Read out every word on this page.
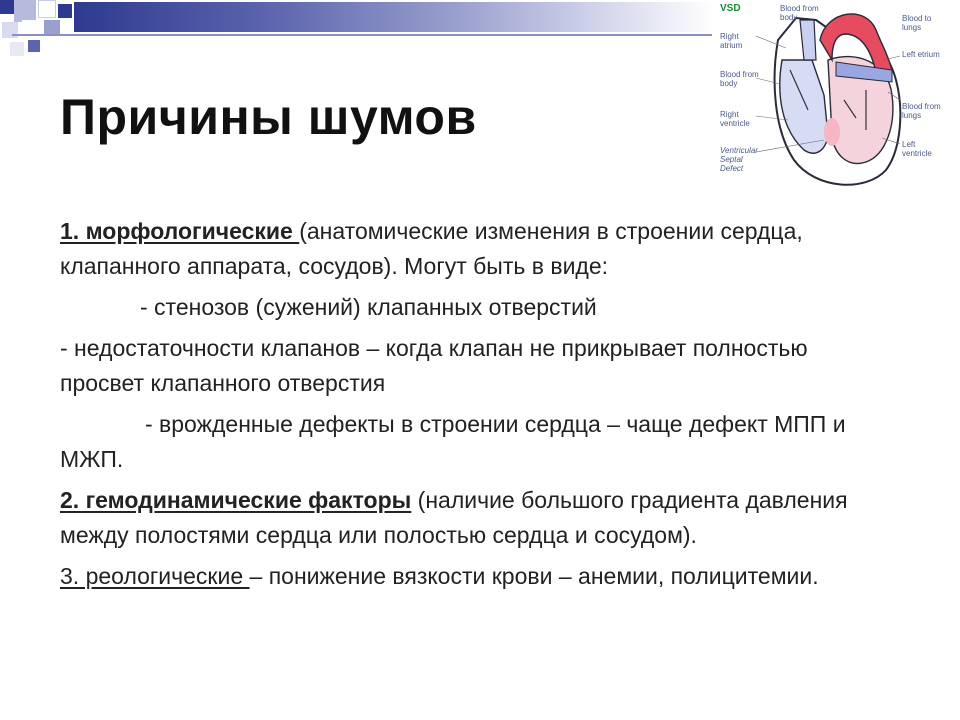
Причины шумов
VSD	Blood from body	Blood to lungs
Right atrium
Left etrium
Blood from body
Blood from lungs
Right ventricle
Left ventricle
Ventricular Septal Defect

1. морфологические (анатомические изменения в строении сердца, клапанного аппарата, сосудов). Могут быть в виде:

- стенозов (сужений) клапанных отверстий

- недостаточности клапанов – когда клапан не прикрывает полностью просвет клапанного отверстия

- врожденные дефекты в строении сердца – чаще дефект МПП и МЖП.

2. гемодинамические факторы (наличие большого градиента давления между полостями сердца или полостью сердца и сосудом).

3. реологические – понижение вязкости крови – анемии, полицитемии.
